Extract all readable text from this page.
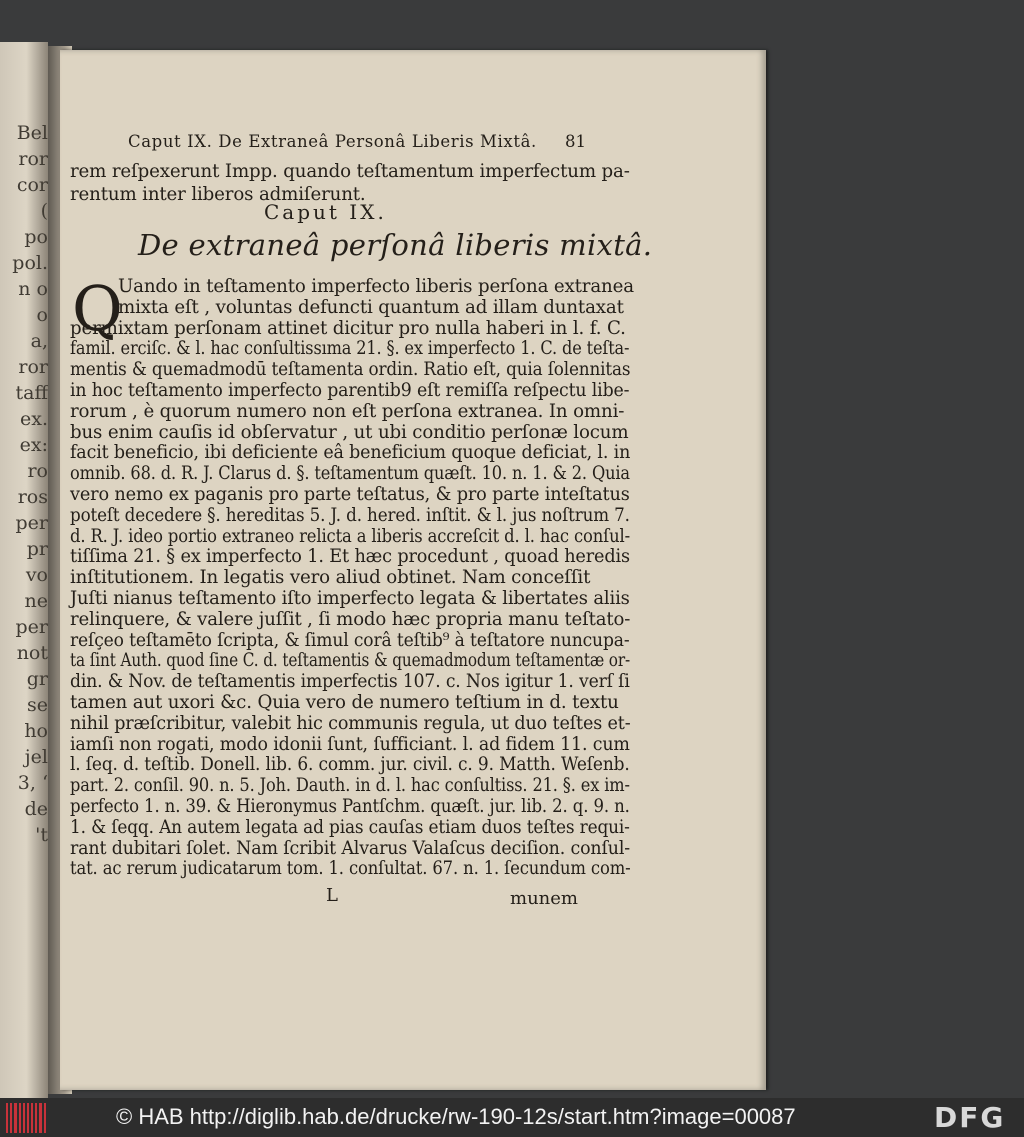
Bel
ror
cor
(
po
pol.
n o
o
a,
ror
taff
ex.
ex:
ro
ros
per
pr
vo
ne
per
not
gr
se
ho
jel
3, ‘
de
't
Caput IX. De Extraneâ Personâ Liberis Mixtâ.	81
rem reſpexerunt Impp. quando teſtamentum imperfectum pa-
rentum inter liberos admiſerunt.
Caput IX.
De extraneâ perſonâ liberis mixtâ.
Q
Uando in teſtamento imperfecto liberis perſona extranea
mixta eſt , voluntas defuncti quantum ad illam duntaxat
permixtam perſonam attinet dicitur pro nulla haberi in l. f. C.
famil. erciſc. & l. hac conſultissıma 21. §. ex imperfecto 1. C. de teſta-
mentis & quemadmodū teſtamenta ordin. Ratio eſt, quia ſolennitas
in hoc teſtamento imperfecto parentib9 eſt remiſſa reſpectu libe-
rorum , è quorum numero non eſt perſona extranea. In omni-
bus enim cauſis id obſervatur , ut ubi conditio perſonæ locum
facit beneficio, ibi deficiente eâ beneficium quoque deficiat, l. in
omnib. 68. d. R. J. Clarus d. §. teſtamentum quæſt. 10. n. 1. & 2. Quia
vero nemo ex paganis pro parte teſtatus, & pro parte inteſtatus
poteſt decedere §. hereditas 5. J. d. hered. inſtit. & l. jus noſtrum 7.
d. R. J. ideo portio extraneo relicta a liberis accreſcit d. l. hac conſul-
tiſſima 21. § ex imperfecto 1. Et hæc procedunt , quoad heredis
inſtitutionem. In legatis vero aliud obtinet. Nam conceſſit
Juſti nianus teſtamento iſto imperfecto legata & libertates aliis
relinquere, & valere juſſit , ſi modo hæc propria manu teſtato-
reſçeo teſtamēto ſcripta, & ſimul corâ teſtib⁹ à teſtatore nuncupa-
ta ſint Auth. quod ſine C. d. teſtamentis & quemadmodum teſtamentæ or-
din. & Nov. de teſtamentis imperfectis 107. c. Nos igitur 1. verſ ſi
tamen aut uxori &c. Quia vero de numero teſtium in d. textu
nihil præſcribitur, valebit hic communis regula, ut duo teſtes et-
iamſi non rogati, modo idonii ſunt, ſufficiant. l. ad fidem 11. cum
l. ſeq. d. teſtib. Donell. lib. 6. comm. jur. civil. c. 9. Matth. Weſenb.
part. 2. conſil. 90. n. 5. Joh. Dauth. in d. l. hac conſultiss. 21. §. ex im-
perfecto 1. n. 39. & Hieronymus Pantſchm. quæſt. jur. lib. 2. q. 9. n.
1. & ſeqq. An autem legata ad pias cauſas etiam duos teſtes requi-
rant dubitari ſolet. Nam ſcribit Alvarus Valaſcus deciſion. conſul-
tat. ac rerum judicatarum tom. 1. conſultat. 67. n. 1. ſecundum com-
L	munem
© HAB http://diglib.hab.de/drucke/rw-190-12s/start.htm?image=00087	DFG
